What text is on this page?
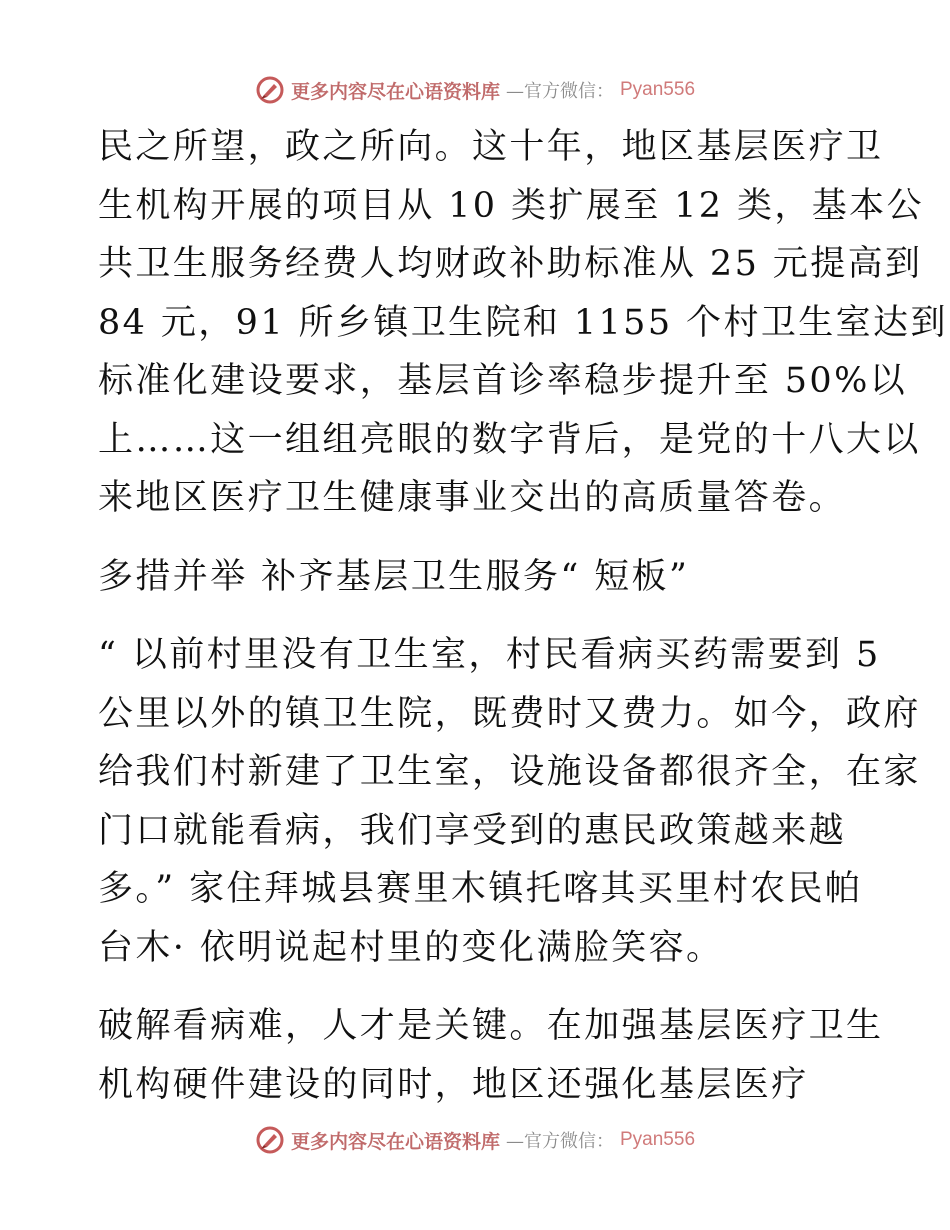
更多内容尽在心语资料库 —官方微信： Pyan556

民之所望，政之所向。这十年，地区基层医疗卫
生机构开展的项目从 10 类扩展至 12 类，基本公
共卫生服务经费人均财政补助标准从 25 元提高到
84 元，91 所乡镇卫生院和 1155 个村卫生室达到
标准化建设要求，基层首诊率稳步提升至 50%以
上……这一组组亮眼的数字背后，是党的十八大以
来地区医疗卫生健康事业交出的高质量答卷。

多措并举 补齐基层卫生服务“ 短板”

“ 以前村里没有卫生室，村民看病买药需要到 5
公里以外的镇卫生院，既费时又费力。如今，政府
给我们村新建了卫生室，设施设备都很齐全，在家
门口就能看病，我们享受到的惠民政策越来越
多。” 家住拜城县赛里木镇托喀其买里村农民帕
台木· 依明说起村里的变化满脸笑容。

破解看病难，人才是关键。在加强基层医疗卫生
机构硬件建设的同时，地区还强化基层医疗

更多内容尽在心语资料库 —官方微信： Pyan556
